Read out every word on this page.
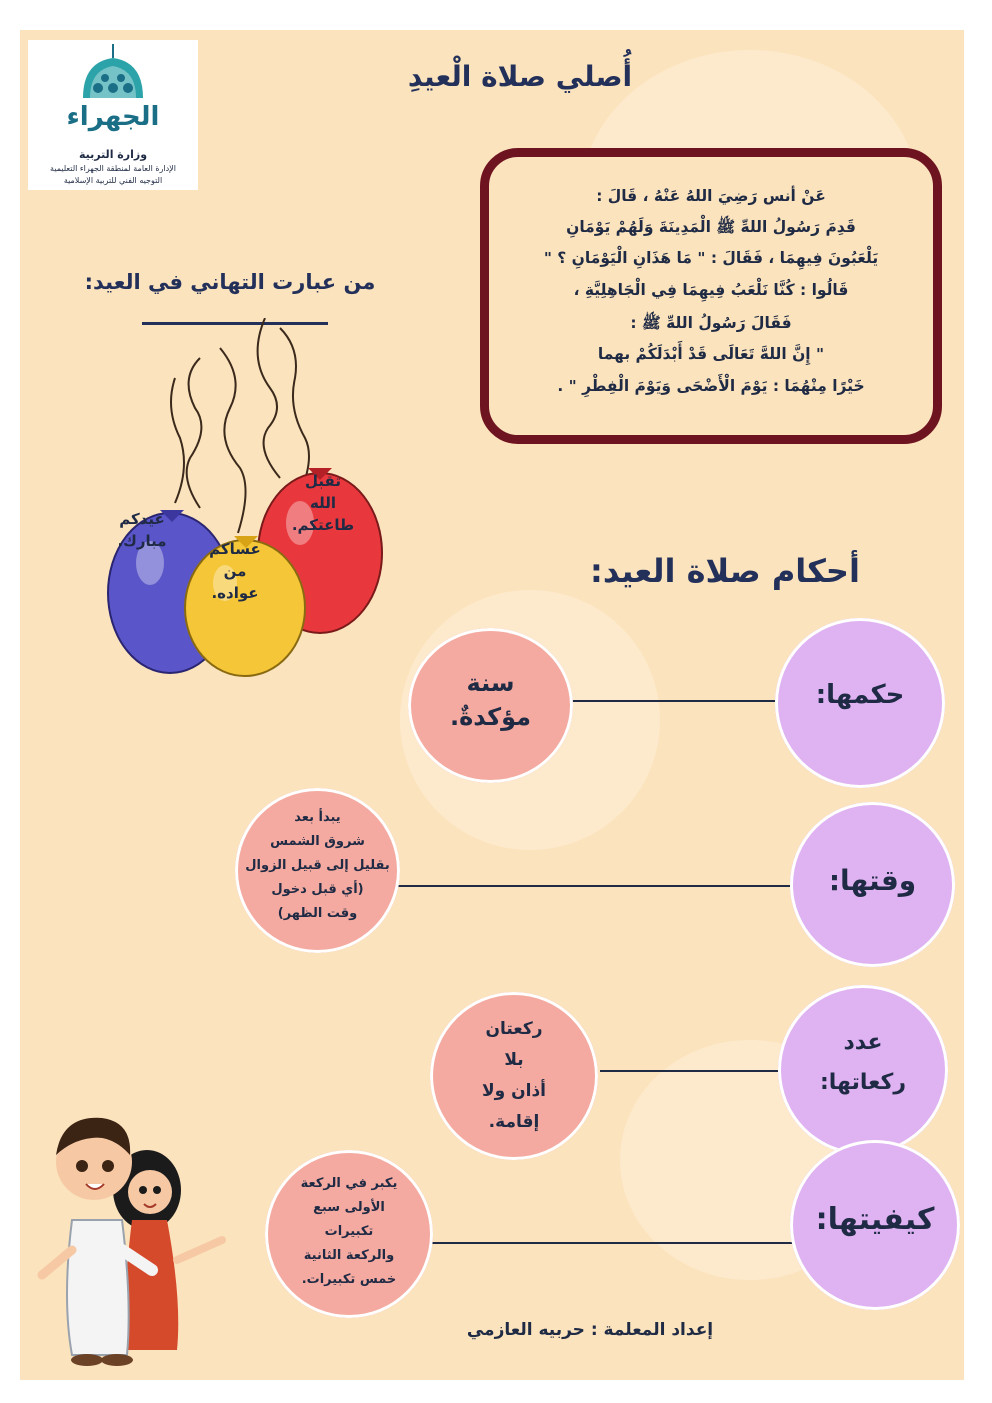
الجهراء
وزارة التربية
الإدارة العامة لمنطقة الجهراء التعليمية
التوجيه الفني للتربية الإسلامية
أُصلي صلاة الْعيدِ
عَنْ أنس رَضِيَ اللهُ عَنْهُ ، قَالَ :
قَدِمَ رَسُولُ اللهِّ ﷺ الْمَدِينَةَ وَلَهُمْ يَوْمَانِ
يَلْعَبُونَ فِيهِمَا ، فَقَالَ : " مَا هَذَانِ الْيَوْمَانِ ؟ "
قَالُوا : كُنَّا نَلْعَبُ فِيهِمَا فِي الْجَاهِلِيَّةِ ،
فَقَالَ رَسُولُ اللهِّ ﷺ :
" إِنَّ اللهَّ تَعَالَى قَدْ أَبْدَلَكُمْ بهما
خَيْرًا مِنْهُمَا : يَوْمَ الْأَضْحَى وَيَوْمَ الْفِطْرِ " .
من عبارت التهاني في العيد:
تقبل
الله
طاعتكم.
عيدكم
مبارك.	عساكم
من
عواده.
أحكام صلاة العيد:
حكمها:
سنة
مؤكدةٌ.
وقتها:
يبدأ بعد
شروق الشمس
بقليل إلى قبيل الزوال
(أي قبل دخول
وقت الظهر)
عدد
ركعاتها:
ركعتان
بلا
أذان ولا
إقامة.
كيفيتها:
يكبر في الركعة
الأولى سبع
تكبيرات
والركعة الثانية
خمس تكبيرات.
إعداد المعلمة : حربيه العازمي
